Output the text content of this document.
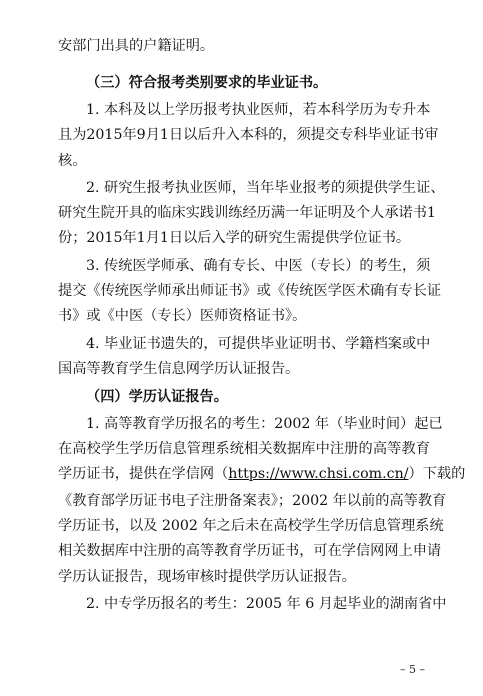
安部门出具的户籍证明。
（三）符合报考类别要求的毕业证书。
1. 本科及以上学历报考执业医师，若本科学历为专升本
且为2015年9月1日以后升入本科的，须提交专科毕业证书审
核。
2. 研究生报考执业医师，当年毕业报考的须提供学生证、
研究生院开具的临床实践训练经历满一年证明及个人承诺书1
份；2015年1月1日以后入学的研究生需提供学位证书。
3. 传统医学师承、确有专长、中医（专长）的考生，须
提交《传统医学师承出师证书》或《传统医学医术确有专长证
书》或《中医（专长）医师资格证书》。
4. 毕业证书遗失的，可提供毕业证明书、学籍档案或中
国高等教育学生信息网学历认证报告。
（四）学历认证报告。
1. 高等教育学历报名的考生：2002 年（毕业时间）起已
在高校学生学历信息管理系统相关数据库中注册的高等教育
学历证书，提供在学信网（https://www.chsi.com.cn/）下载的
《教育部学历证书电子注册备案表》；2002 年以前的高等教育
学历证书，以及 2002 年之后未在高校学生学历信息管理系统
相关数据库中注册的高等教育学历证书，可在学信网网上申请
学历认证报告，现场审核时提供学历认证报告。
2. 中专学历报名的考生：2005 年 6 月起毕业的湖南省中
– 5 –
